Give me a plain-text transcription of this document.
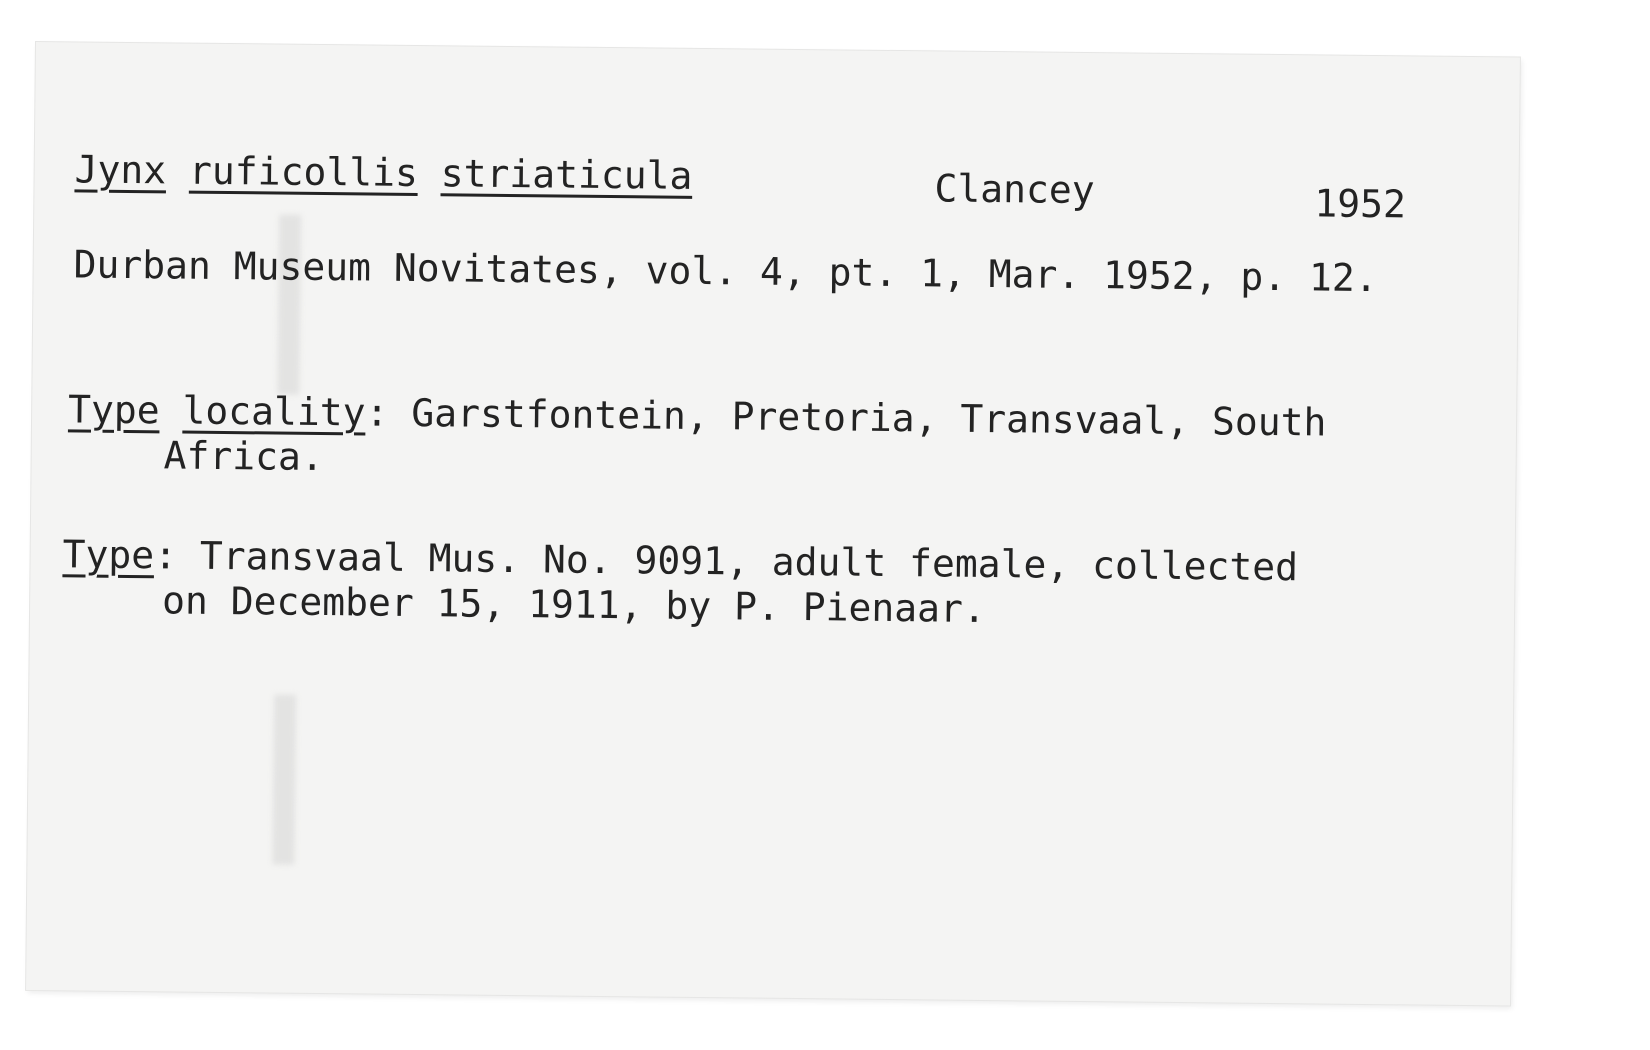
Jynx ruficollis striaticula	Clancey	1952

Durban Museum Novitates, vol. 4, pt. 1, Mar. 1952, p. 12.

Type locality: Garstfontein, Pretoria, Transvaal, South

Africa.

Type: Transvaal Mus. No. 9091, adult female, collected

on December 15, 1911, by P. Pienaar.
